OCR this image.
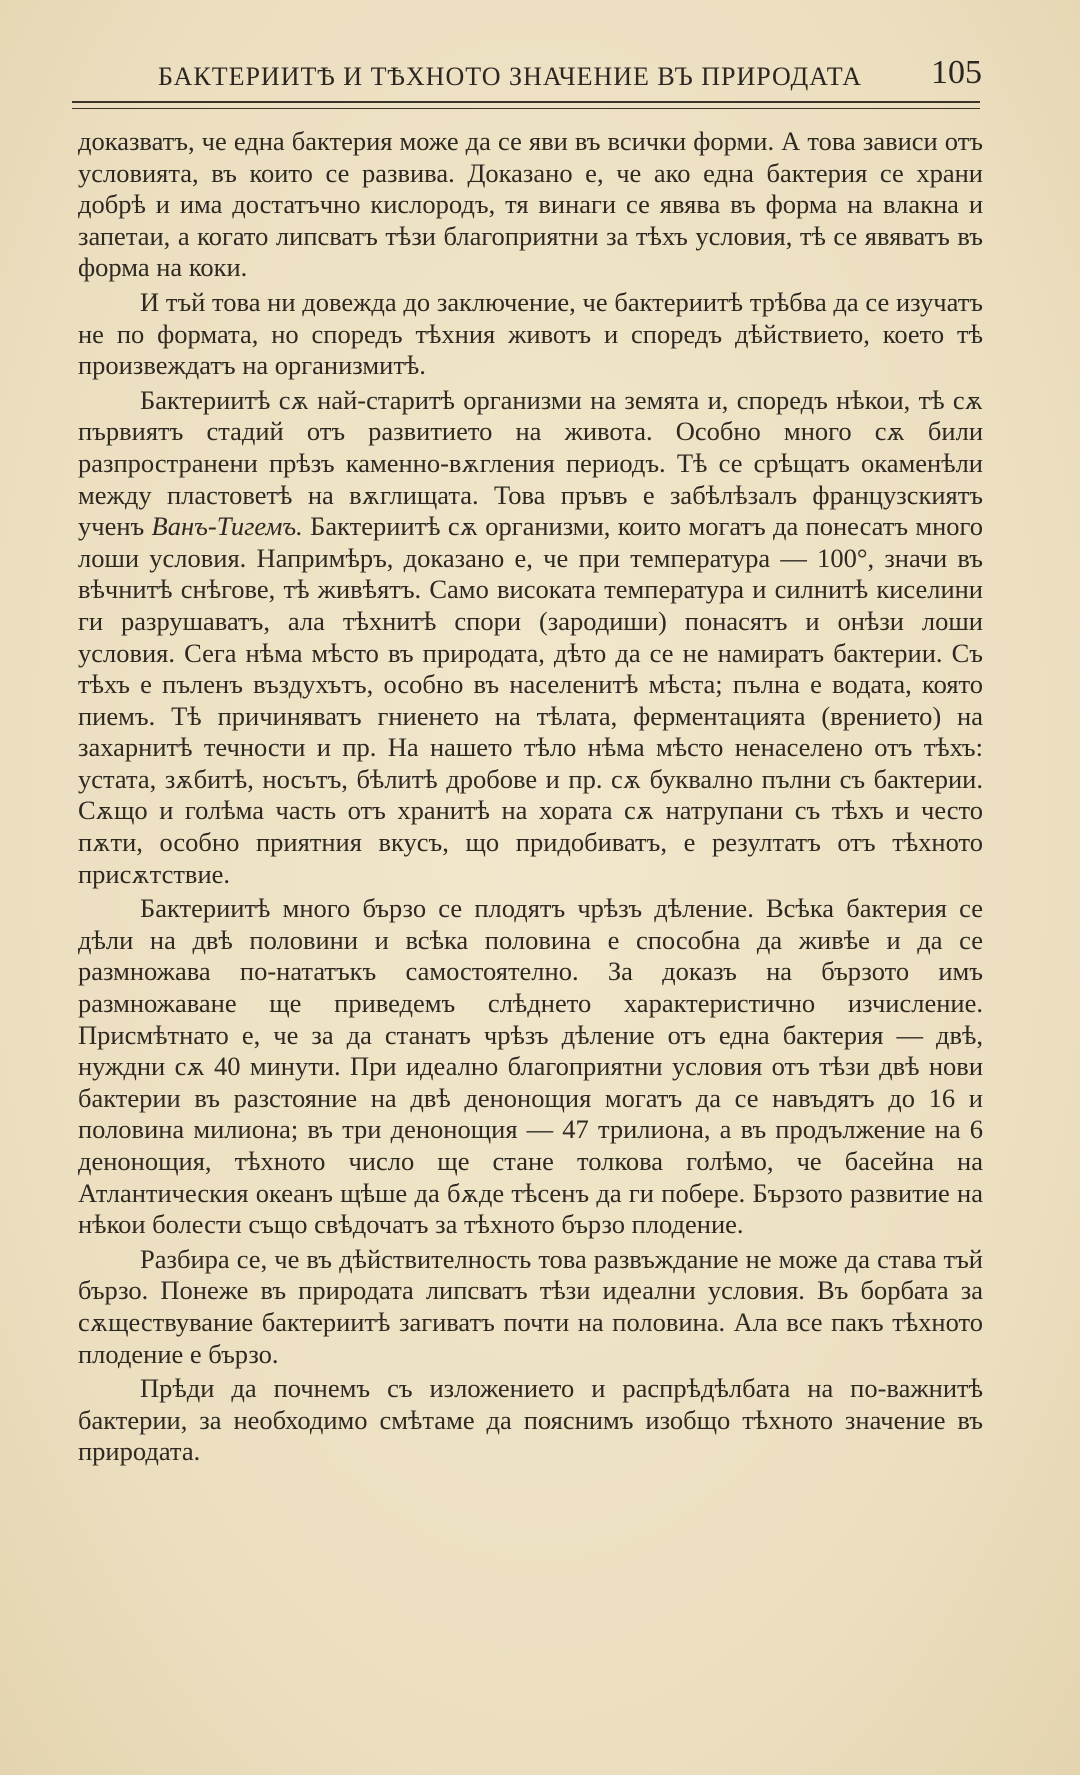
БАКТЕРИИТѢ И ТѢХНОТО ЗНАЧЕНИЕ ВЪ ПРИРОДАТА 105

доказватъ, че една бактерия може да се яви въ всички форми. А това зависи отъ условията, въ които се развива. Доказано е, че ако една бактерия се храни добрѣ и има достатъчно кислородъ, тя винаги се явява въ форма на влакна и запетаи, а когато липсватъ тѣзи благоприятни за тѣхъ условия, тѣ се явяватъ въ форма на коки.

И тъй това ни довежда до заключение, че бактериитѣ трѣбва да се изучатъ не по формата, но споредъ тѣхния животъ и споредъ дѣйствието, което тѣ произвеждатъ на организмитѣ.

Бактериитѣ сѫ най-старитѣ организми на земята и, споредъ нѣкои, тѣ сѫ първиятъ стадий отъ развитието на живота. Особно много сѫ били разпространени прѣзъ каменно-вѫгления периодъ. Тѣ се срѣщатъ окаменѣли между пластоветѣ на вѫглищата. Това пръвъ е забѣлѣзалъ французскиятъ ученъ Ванъ-Тигемъ. Бактериитѣ сѫ организми, които могатъ да понесатъ много лоши условия. Напримѣръ, доказано е, че при температура — 100°, значи въ вѣчнитѣ снѣгове, тѣ живѣятъ. Само високата температура и силнитѣ киселини ги разрушаватъ, ала тѣхнитѣ спори (зародиши) понасятъ и онѣзи лоши условия. Сега нѣма мѣсто въ природата, дѣто да се не намиратъ бактерии. Съ тѣхъ е пъленъ въздухътъ, особно въ населенитѣ мѣста; пълна е водата, която пиемъ. Тѣ причиняватъ гниенето на тѣлата, ферментацията (врението) на захарнитѣ течности и пр. На нашето тѣло нѣма мѣсто ненаселено отъ тѣхъ: устата, зѫбитѣ, носътъ, бѣлитѣ дробове и пр. сѫ буквално пълни съ бактерии. Сѫщо и голѣма часть отъ хранитѣ на хората сѫ натрупани съ тѣхъ и често пѫти, особно приятния вкусъ, що придобиватъ, е резултатъ отъ тѣхното присѫтствие.

Бактериитѣ много бързо се плодятъ чрѣзъ дѣление. Всѣка бактерия се дѣли на двѣ половини и всѣка половина е способна да живѣе и да се размножава по-нататъкъ самостоятелно. За доказъ на бързото имъ размножаване ще приведемъ слѣднето характеристично изчисление. Присмѣтнато е, че за да станатъ чрѣзъ дѣление отъ една бактерия — двѣ, нуждни сѫ 40 минути. При идеално благоприятни условия отъ тѣзи двѣ нови бактерии въ разстояние на двѣ денонощия могатъ да се навъдятъ до 16 и половина милиона; въ три денонощия — 47 трилиона, а въ продължение на 6 денонощия, тѣхното число ще стане толкова голѣмо, че басейна на Атлантическия океанъ щѣше да бѫде тѣсенъ да ги побере. Бързото развитие на нѣкои болести също свѣдочатъ за тѣхното бързо плодение.

Разбира се, че въ дѣйствителность това развъждание не може да става тъй бързо. Понеже въ природата липсватъ тѣзи идеални условия. Въ борбата за сѫществувание бактериитѣ загиватъ почти на половина. Ала все пакъ тѣхното плодение е бързо.

Прѣди да почнемъ съ изложението и распрѣдѣлбата на по-важнитѣ бактерии, за необходимо смѣтаме да пояснимъ изобщо тѣхното значение въ природата.
